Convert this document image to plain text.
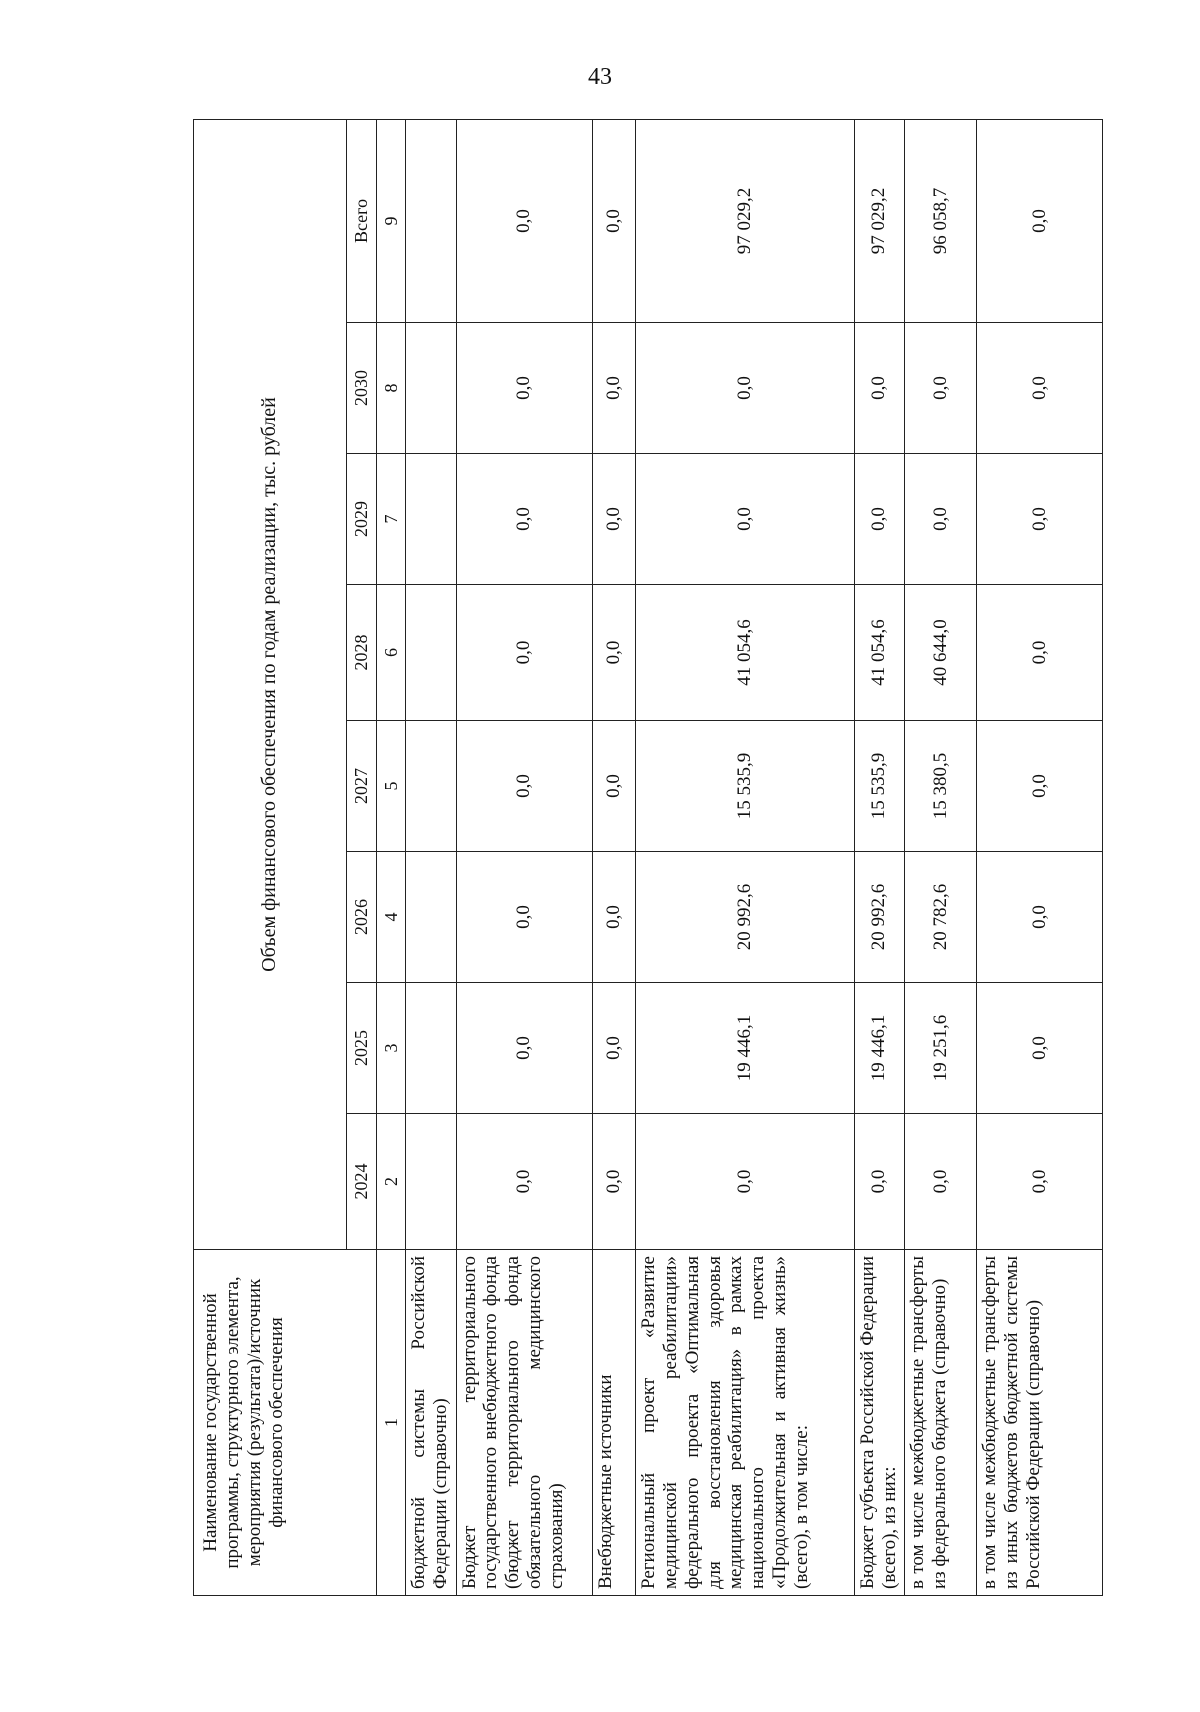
43
Наименование государственной программы, структурного элемента, мероприятия (результата)/источник финансового обеспечения	Объем финансового обеспечения по годам реализации, тыс. рублей							
	2024	2025	2026	2027	2028	2029	2030	Всего
1	2	3	4	5	6	7	8	9
бюджетной системы Российской Федерации (справочно)								
Бюджет территориального государственного внебюджетного фонда (бюджет территориального фонда обязательного медицинского страхования)	0,0	0,0	0,0	0,0	0,0	0,0	0,0	0,0
Внебюджетные источники	0,0	0,0	0,0	0,0	0,0	0,0	0,0	0,0
Региональный проект «Развитие медицинской реабилитации» федерального проекта «Оптимальная для восстановления здоровья медицинская реабилитация» в рамках национального проекта «Продолжительная и активная жизнь» (всего), в том числе:	0,0	19 446,1	20 992,6	15 535,9	41 054,6	0,0	0,0	97 029,2
Бюджет субъекта Российской Федерации (всего), из них:	0,0	19 446,1	20 992,6	15 535,9	41 054,6	0,0	0,0	97 029,2
в том числе межбюджетные трансферты из федерального бюджета (справочно)	0,0	19 251,6	20 782,6	15 380,5	40 644,0	0,0	0,0	96 058,7
в том числе межбюджетные трансферты из иных бюджетов бюджетной системы Российской Федерации (справочно)	0,0	0,0	0,0	0,0	0,0	0,0	0,0	0,0
